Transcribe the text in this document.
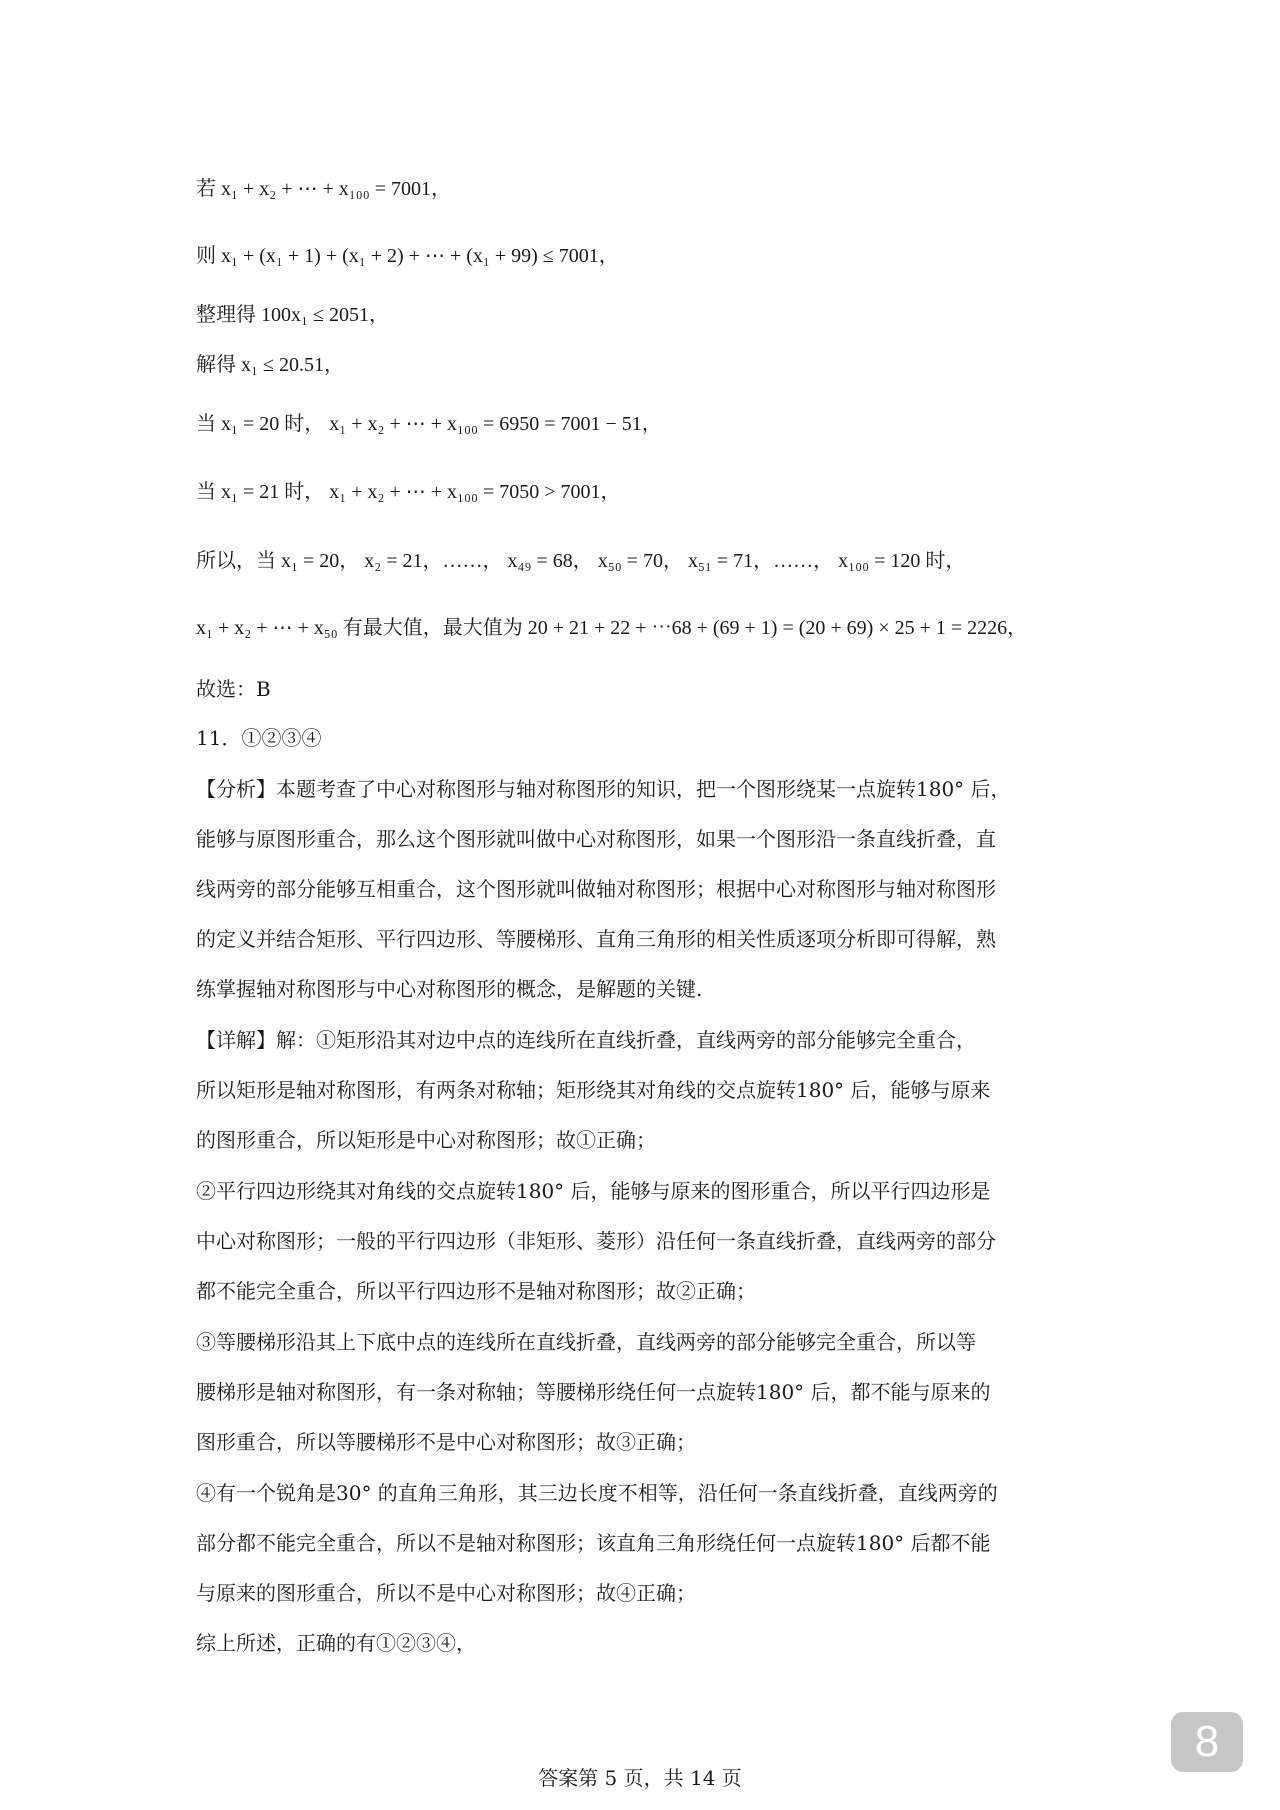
若 x₁ + x₂ + ⋯ + x₁₀₀ = 7001，
则 x₁ + (x₁ + 1) + (x₁ + 2) + ⋯ + (x₁ + 99) ≤ 7001，
整理得 100x₁ ≤ 2051，
解得 x₁ ≤ 20.51，
当 x₁ = 20 时， x₁ + x₂ + ⋯ + x₁₀₀ = 6950 = 7001 − 51，
当 x₁ = 21 时， x₁ + x₂ + ⋯ + x₁₀₀ = 7050 > 7001，
所以，当 x₁ = 20， x₂ = 21，……， x₄₉ = 68， x₅₀ = 70， x₅₁ = 71，……， x₁₀₀ = 120 时，
x₁ + x₂ + ⋯ + x₅₀ 有最大值，最大值为 20 + 21 + 22 + ⋯68 + (69 + 1) = (20 + 69) × 25 + 1 = 2226，
故选：B
11．①②③④
【分析】本题考查了中心对称图形与轴对称图形的知识，把一个图形绕某一点旋转180° 后，
能够与原图形重合，那么这个图形就叫做中心对称图形，如果一个图形沿一条直线折叠，直
线两旁的部分能够互相重合，这个图形就叫做轴对称图形；根据中心对称图形与轴对称图形
的定义并结合矩形、平行四边形、等腰梯形、直角三角形的相关性质逐项分析即可得解，熟
练掌握轴对称图形与中心对称图形的概念，是解题的关键.
【详解】解：①矩形沿其对边中点的连线所在直线折叠，直线两旁的部分能够完全重合，
所以矩形是轴对称图形，有两条对称轴；矩形绕其对角线的交点旋转180° 后，能够与原来
的图形重合，所以矩形是中心对称图形；故①正确；
②平行四边形绕其对角线的交点旋转180° 后，能够与原来的图形重合，所以平行四边形是
中心对称图形；一般的平行四边形（非矩形、菱形）沿任何一条直线折叠，直线两旁的部分
都不能完全重合，所以平行四边形不是轴对称图形；故②正确；
③等腰梯形沿其上下底中点的连线所在直线折叠，直线两旁的部分能够完全重合，所以等
腰梯形是轴对称图形，有一条对称轴；等腰梯形绕任何一点旋转180° 后，都不能与原来的
图形重合，所以等腰梯形不是中心对称图形；故③正确；
④有一个锐角是30° 的直角三角形，其三边长度不相等，沿任何一条直线折叠，直线两旁的
部分都不能完全重合，所以不是轴对称图形；该直角三角形绕任何一点旋转180° 后都不能
与原来的图形重合，所以不是中心对称图形；故④正确；
综上所述，正确的有①②③④，
答案第 5 页，共 14 页
8
